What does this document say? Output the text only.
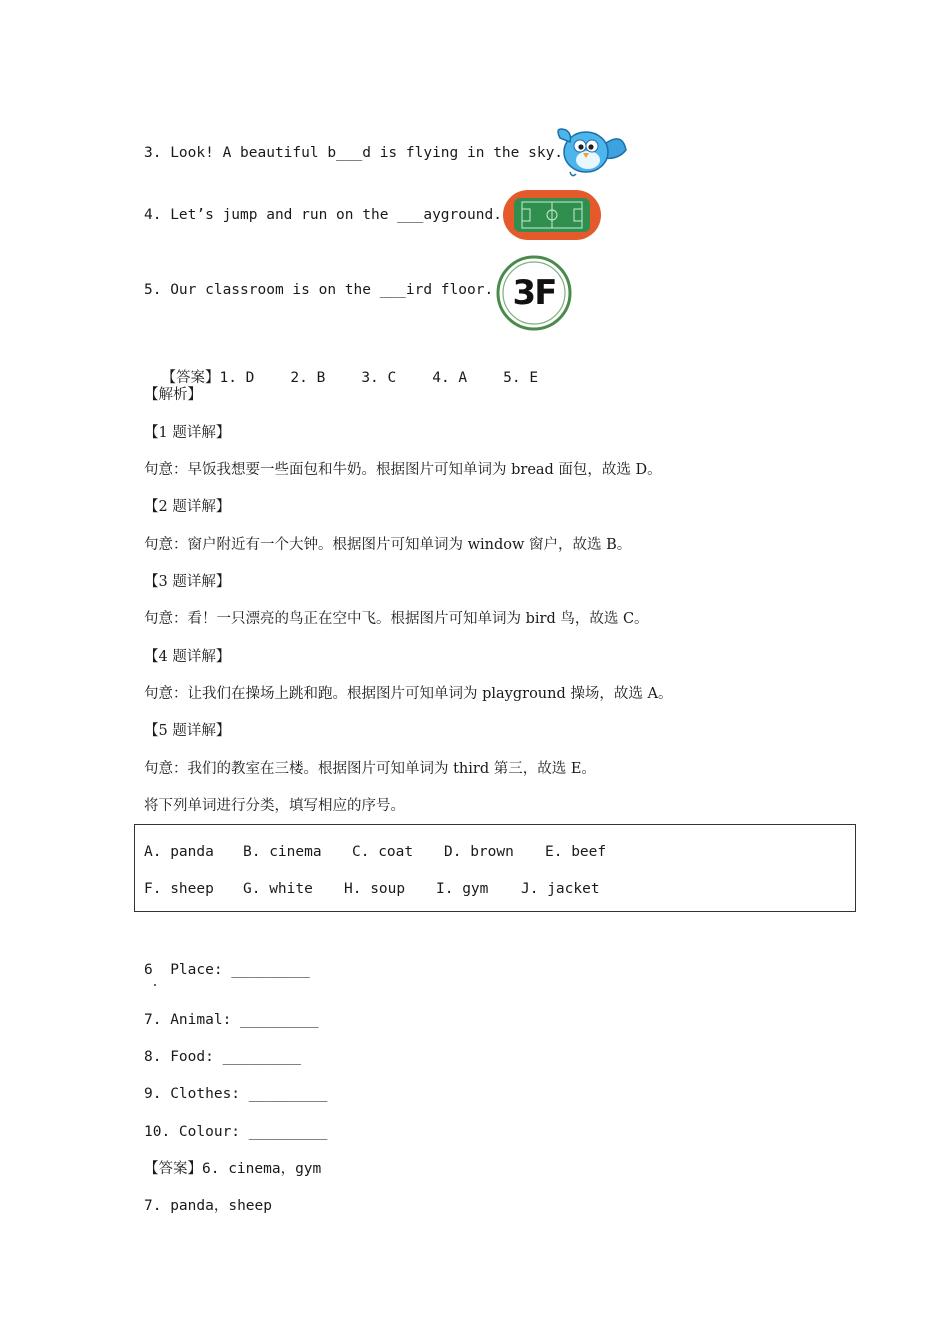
3. Look! A beautiful b___d is flying in the sky.
4. Let’s jump and run on the ___ayground.
5. Our classroom is on the ___ird floor. 3F

【答案】1. D 2. B 3. C 4. A 5. E

【解析】
【1 题详解】
句意：早饭我想要一些面包和牛奶。根据图片可知单词为 bread 面包，故选 D。
【2 题详解】
句意：窗户附近有一个大钟。根据图片可知单词为 window 窗户，故选 B。
【3 题详解】
句意：看！一只漂亮的鸟正在空中飞。根据图片可知单词为 bird 鸟，故选 C。
【4 题详解】
句意：让我们在操场上跳和跑。根据图片可知单词为 playground 操场，故选 A。
【5 题详解】
句意：我们的教室在三楼。根据图片可知单词为 third 第三，故选 E。
将下列单词进行分类，填写相应的序号。
A. panda B. cinema C. coat D. brown E. beef
F. sheep G. white H. soup I. gym J. jacket
6  Place: _________
7. Animal: _________
8. Food: _________
9. Clothes: _________
10. Colour: _________
【答案】6. cinema，gym
7. panda，sheep
